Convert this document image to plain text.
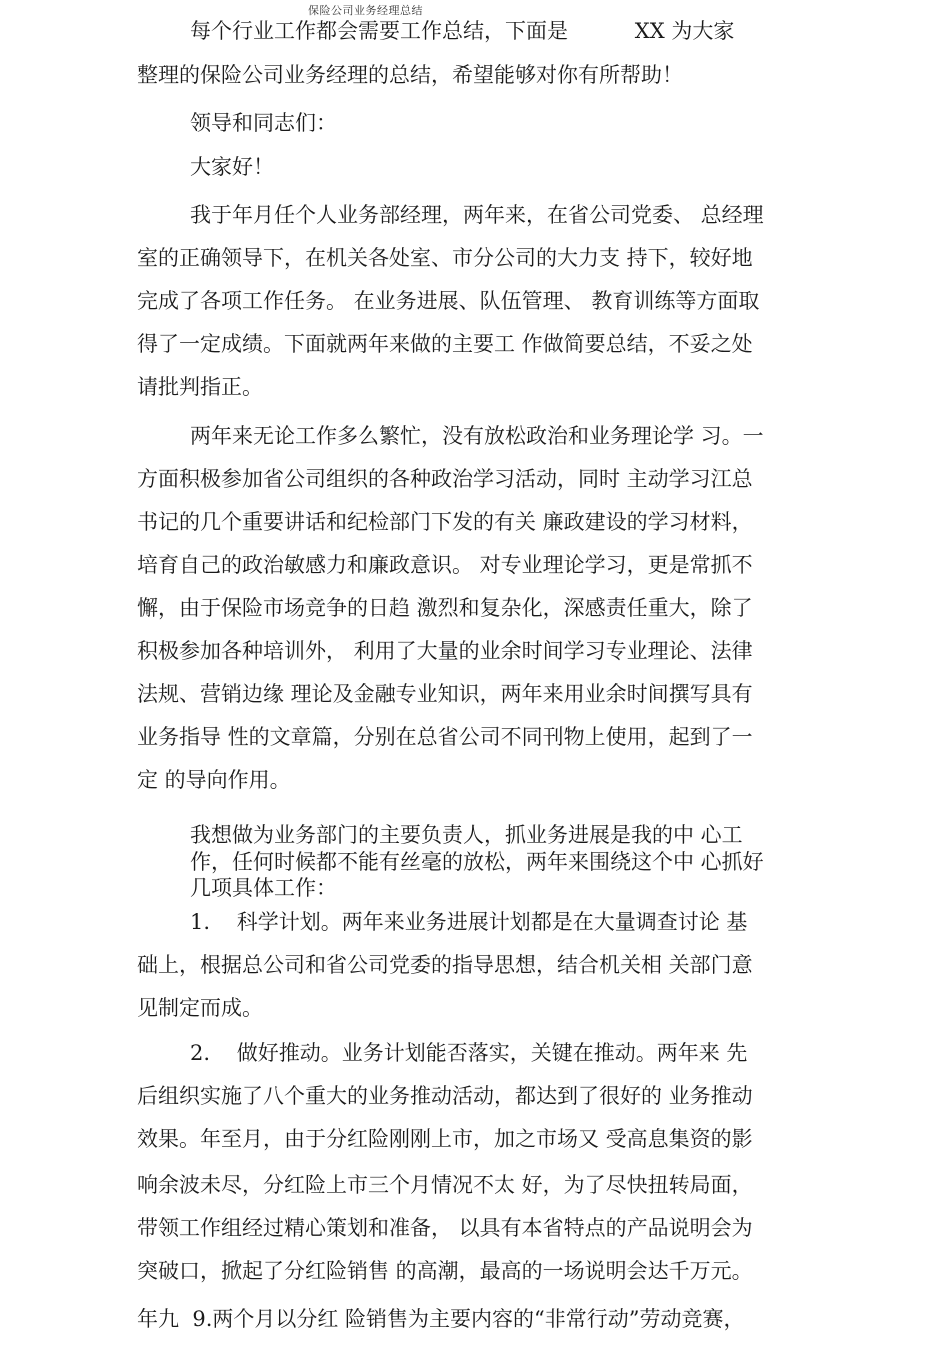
保险公司业务经理总结
每个行业工作都会需要工作总结，下面是          XX 为大家
整理的保险公司业务经理的总结，希望能够对你有所帮助！
领导和同志们：
大家好！
我于年月任个人业务部经理，两年来，在省公司党委、 总经理
室的正确领导下，在机关各处室、市分公司的大力支 持下，较好地
完成了各项工作任务。 在业务进展、队伍管理、 教育训练等方面取
得了一定成绩。下面就两年来做的主要工 作做简要总结，不妥之处
请批判指正。
两年来无论工作多么繁忙，没有放松政治和业务理论学 习。一
方面积极参加省公司组织的各种政治学习活动，同时 主动学习江总
书记的几个重要讲话和纪检部门下发的有关 廉政建设的学习材料，
培育自己的政治敏感力和廉政意识。 对专业理论学习，更是常抓不
懈，由于保险市场竞争的日趋 激烈和复杂化，深感责任重大，除了
积极参加各种培训外， 利用了大量的业余时间学习专业理论、法律
法规、营销边缘 理论及金融专业知识，两年来用业余时间撰写具有
业务指导 性的文章篇，分别在总省公司不同刊物上使用，起到了一
定 的导向作用。
我想做为业务部门的主要负责人，抓业务进展是我的中 心工
作，任何时候都不能有丝毫的放松，两年来围绕这个中 心抓好
几项具体工作：
1.    科学计划。两年来业务进展计划都是在大量调查讨论 基
础上，根据总公司和省公司党委的指导思想，结合机关相 关部门意
见制定而成。
2.    做好推动。业务计划能否落实，关键在推动。两年来 先
后组织实施了八个重大的业务推动活动，都达到了很好的 业务推动
效果。年至月，由于分红险刚刚上市，加之市场又 受高息集资的影
响余波未尽，分红险上市三个月情况不太 好，为了尽快扭转局面，
带领工作组经过精心策划和准备， 以具有本省特点的产品说明会为
突破口，掀起了分红险销售 的高潮，最高的一场说明会达千万元。
年九  9.两个月以分红 险销售为主要内容的“非常行动”劳动竞赛，
